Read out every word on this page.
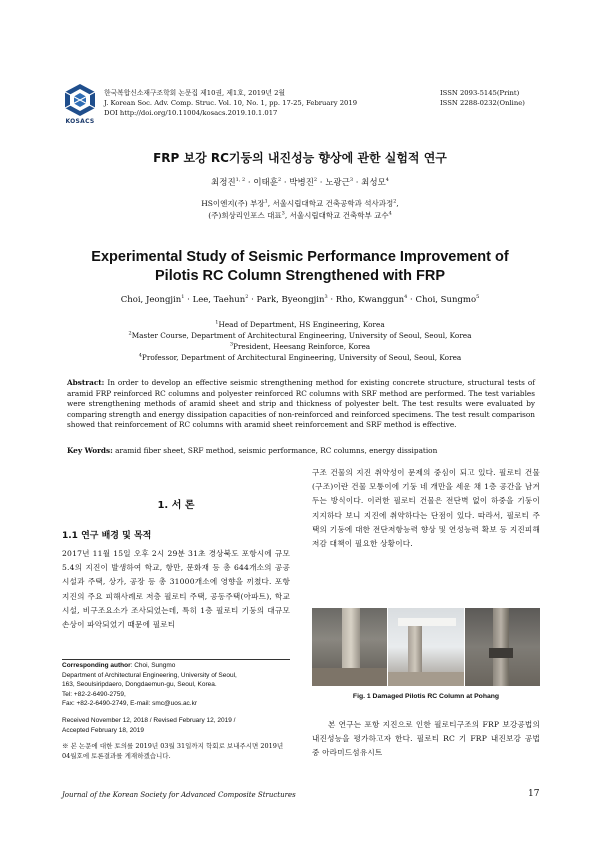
KOSACS
한국복합신소재구조학회 논문집 제10권, 제1호, 2019년 2월
J. Korean Soc. Adv. Comp. Struc. Vol. 10, No. 1, pp. 17-25, February 2019
DOI http://doi.org/10.11004/kosacs.2019.10.1.017
ISSN 2093-5145(Print)
ISSN 2288-0232(Online)
FRP 보강 RC기둥의 내진성능 향상에 관한 실험적 연구
최정진$^{1, 2}$ · 이태훈$^2$ · 박병진$^2$ · 노광근$^3$ · 최성모$^4$
HS이엔지(주) 부장$^1$, 서울시립대학교 건축공학과 석사과정$^2$,
(주)희상리인포스 대표$^3$, 서울시립대학교 건축학부 교수$^4$
Experimental Study of Seismic Performance Improvement of
Pilotis RC Column Strengthened with FRP
Choi, Jeongjin$^1$ · Lee, Taehun$^2$ · Park, Byeongjin$^3$ · Rho, Kwanggun$^4$ · Choi, Sungmo$^5$
$^1$Head of Department, HS Engineering, Korea
$^2$Master Course, Department of Architectural Engineering, University of Seoul, Seoul, Korea
$^3$President, Heesang Reinforce, Korea
$^4$Professor, Department of Architectural Engineering, University of Seoul, Seoul, Korea
Abstract: In order to develop an effective seismic strengthening method for existing concrete structure, structural tests of aramid FRP reinforced RC columns and polyester reinforced RC columns with SRF method are performed. The test variables were strengthening methods of aramid sheet and strip and thickness of polyester belt. The test results were evaluated by comparing strength and energy dissipation capacities of non-reinforced and reinforced specimens. The test result comparison showed that reinforcement of RC columns with aramid sheet reinforcement and SRF method is effective.
Key Words: aramid fiber sheet, SRF method, seismic performance, RC columns, energy dissipation
1. 서 론
1.1 연구 배경 및 목적
2017년 11월 15일 오후 2시 29분 31초 경상북도 포항시에 규모 5.4의 지진이 발생하여 학교, 항만, 문화재 등 총 644개소의 공공시설과 주택, 상가, 공장 등 총 31000개소에 영향을 끼쳤다. 포항지진의 주요 피해사례로 저층 필로티 주택, 공동주택(아파트), 학교시설, 비구조요소가 조사되었는데, 특히 1층 필로티 기둥의 대규모 손상이 파악되었기 때문에 필로티
Corresponding author: Choi, Sungmo
Department of Architectural Engineering, University of Seoul,
163, Seoulsiripdaero, Dongdaemun-gu, Seoul, Korea.
Tel: +82-2-6490-2759,
Fax: +82-2-6490-2749, E-mail: smc@uos.ac.kr
Received November 12, 2018 / Revised February 12, 2019 /
Accepted February 18, 2019
※ 본 논문에 대한 토의를 2019년 03월 31일까지 학회로 보내주시면 2019년 04월호에 토론결과를 게재하겠습니다.
구조 건물의 지진 취약성이 문제의 중심이 되고 있다. 필로티 건물(구조)이란 건물 모퉁이에 기둥 네 개만을 세운 채 1층 공간을 남겨두는 방식이다. 이러한 필로티 건물은 전단벽 없이 하중을 기둥이 지지하다 보니 지진에 취약하다는 단점이 있다. 따라서, 필로티 주택의 기둥에 대한 전단저항능력 향상 및 연성능력 확보 등 지진피해 저감 대책이 필요한 상황이다.
Fig. 1 Damaged Pilotis RC Column at Pohang
본 연구는 포항 지진으로 인한 필로티구조의 FRP 보강공법의 내진성능을 평가하고자 한다. 필로티 RC 기 FRP 내진보강 공법 중 아라미드섬유시트
Journal of the Korean Society for Advanced Composite Structures	17
